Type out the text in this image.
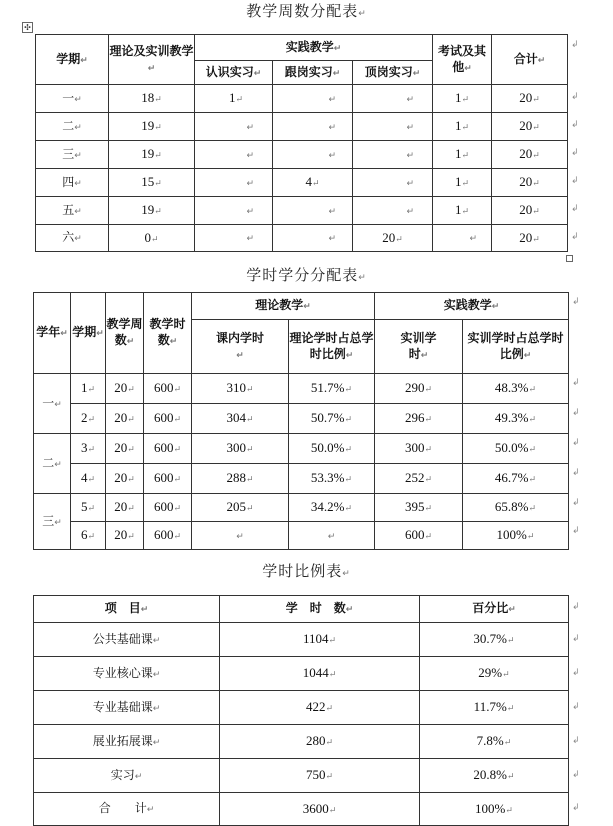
✣
教学周数分配表↵
学期↵	理论及实训教学↵	实践教学↵			考试及其他↵	合计↵
		认识实习↵	跟岗实习↵	顶岗实习↵		
一↵	18↵	1↵	↵	↵	1↵	20↵
二↵	19↵	↵	↵	↵	1↵	20↵
三↵	19↵	↵	↵	↵	1↵	20↵
四↵	15↵	↵	4↵	↵	1↵	20↵
五↵	19↵	↵	↵	↵	1↵	20↵
六↵	0↵	↵	↵	20↵	↵	20↵
学时学分分配表↵
学年↵	学期↵	教学周数↵	教学时数↵	理论教学↵		实践教学↵	
				课内学时↵	理论学时占总学时比例↵	实训学时↵	实训学时占总学时比例↵
一↵	1↵	20↵	600↵	310↵	51.7%↵	290↵	48.3%↵
	2↵	20↵	600↵	304↵	50.7%↵	296↵	49.3%↵
二↵	3↵	20↵	600↵	300↵	50.0%↵	300↵	50.0%↵
	4↵	20↵	600↵	288↵	53.3%↵	252↵	46.7%↵
三↵	5↵	20↵	600↵	205↵	34.2%↵	395↵	65.8%↵
	6↵	20↵	600↵	↵	↵	600↵	100%↵
学时比例表↵
项　目↵	学　时　数↵	百分比↵
公共基础课↵	1104↵	30.7%↵
专业核心课↵	1044↵	29%↵
专业基础课↵	422↵	11.7%↵
展业拓展课↵	280↵	7.8%↵
实习↵	750↵	20.8%↵
合　　计↵	3600↵	100%↵
↲
↲
↲
↲
↲
↲
↲
↲
↲
↲
↲
↲
↲
↲
↲
↲
↲
↲
↲
↲
↲
